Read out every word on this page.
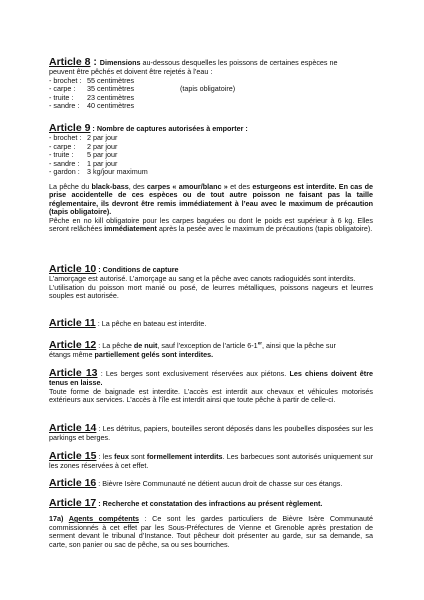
Article 8 : Dimensions au-dessous desquelles les poissons de certaines espèces ne
peuvent être pêchés et doivent être rejetés à l’eau :
- brochet : 55 centimètres
- carpe :	35 centimètres	(tapis obligatoire)
- truite :	23 centimètres
- sandre :	40 centimètres
Article 9 : Nombre de captures autorisées à emporter :
- brochet : 2 par jour
- carpe :	2 par jour
- truite :	5 par jour
- sandre :	1 par jour
- gardon :	3 kg/jour maximum
La pêche du black-bass, des carpes « amour/blanc » et des esturgeons est interdite. En cas de prise accidentelle de ces espèces ou de tout autre poisson ne faisant pas la taille réglementaire, ils devront être remis immédiatement à l’eau avec le maximum de précaution (tapis obligatoire).
Pêche en no kill obligatoire pour les carpes baguées ou dont le poids est supérieur à 6 kg. Elles seront relâchées immédiatement après la pesée avec le maximum de précautions (tapis obligatoire).
Article 10 : Conditions de capture
L’amorçage est autorisé. L’amorçage au sang et la pêche avec canots radioguidés sont interdits.
L’utilisation du poisson mort manié ou posé, de leurres métalliques, poissons nageurs et leurres souples est autorisée.
Article 11 : La pêche en bateau est interdite.
Article 12 : La pêche de nuit, sauf l’exception de l’article 6-1er, ainsi que la pêche sur
étangs même partiellement gelés sont interdites.
Article 13 : Les berges sont exclusivement réservées aux piétons. Les chiens doivent être tenus en laisse.
Toute forme de baignade est interdite. L’accès est interdit aux chevaux et véhicules motorisés extérieurs aux services. L’accès à l’île est interdit ainsi que toute pêche à partir de celle-ci.
Article 14 : Les détritus, papiers, bouteilles seront déposés dans les poubelles disposées sur les parkings et berges.
Article 15 : les feux sont formellement interdits. Les barbecues sont autorisés uniquement sur les zones réservées à cet effet.
Article 16 : Bièvre Isère Communauté ne détient aucun droit de chasse sur ces étangs.
Article 17 : Recherche et constatation des infractions au présent règlement.
17a) Agents compétents : Ce sont les gardes particuliers de Bièvre Isère Communauté commissionnés à cet effet par les Sous-Préfectures de Vienne et Grenoble après prestation de serment devant le tribunal d’Instance. Tout pêcheur doit présenter au garde, sur sa demande, sa carte, son panier ou sac de pêche, sa ou ses bourriches.
